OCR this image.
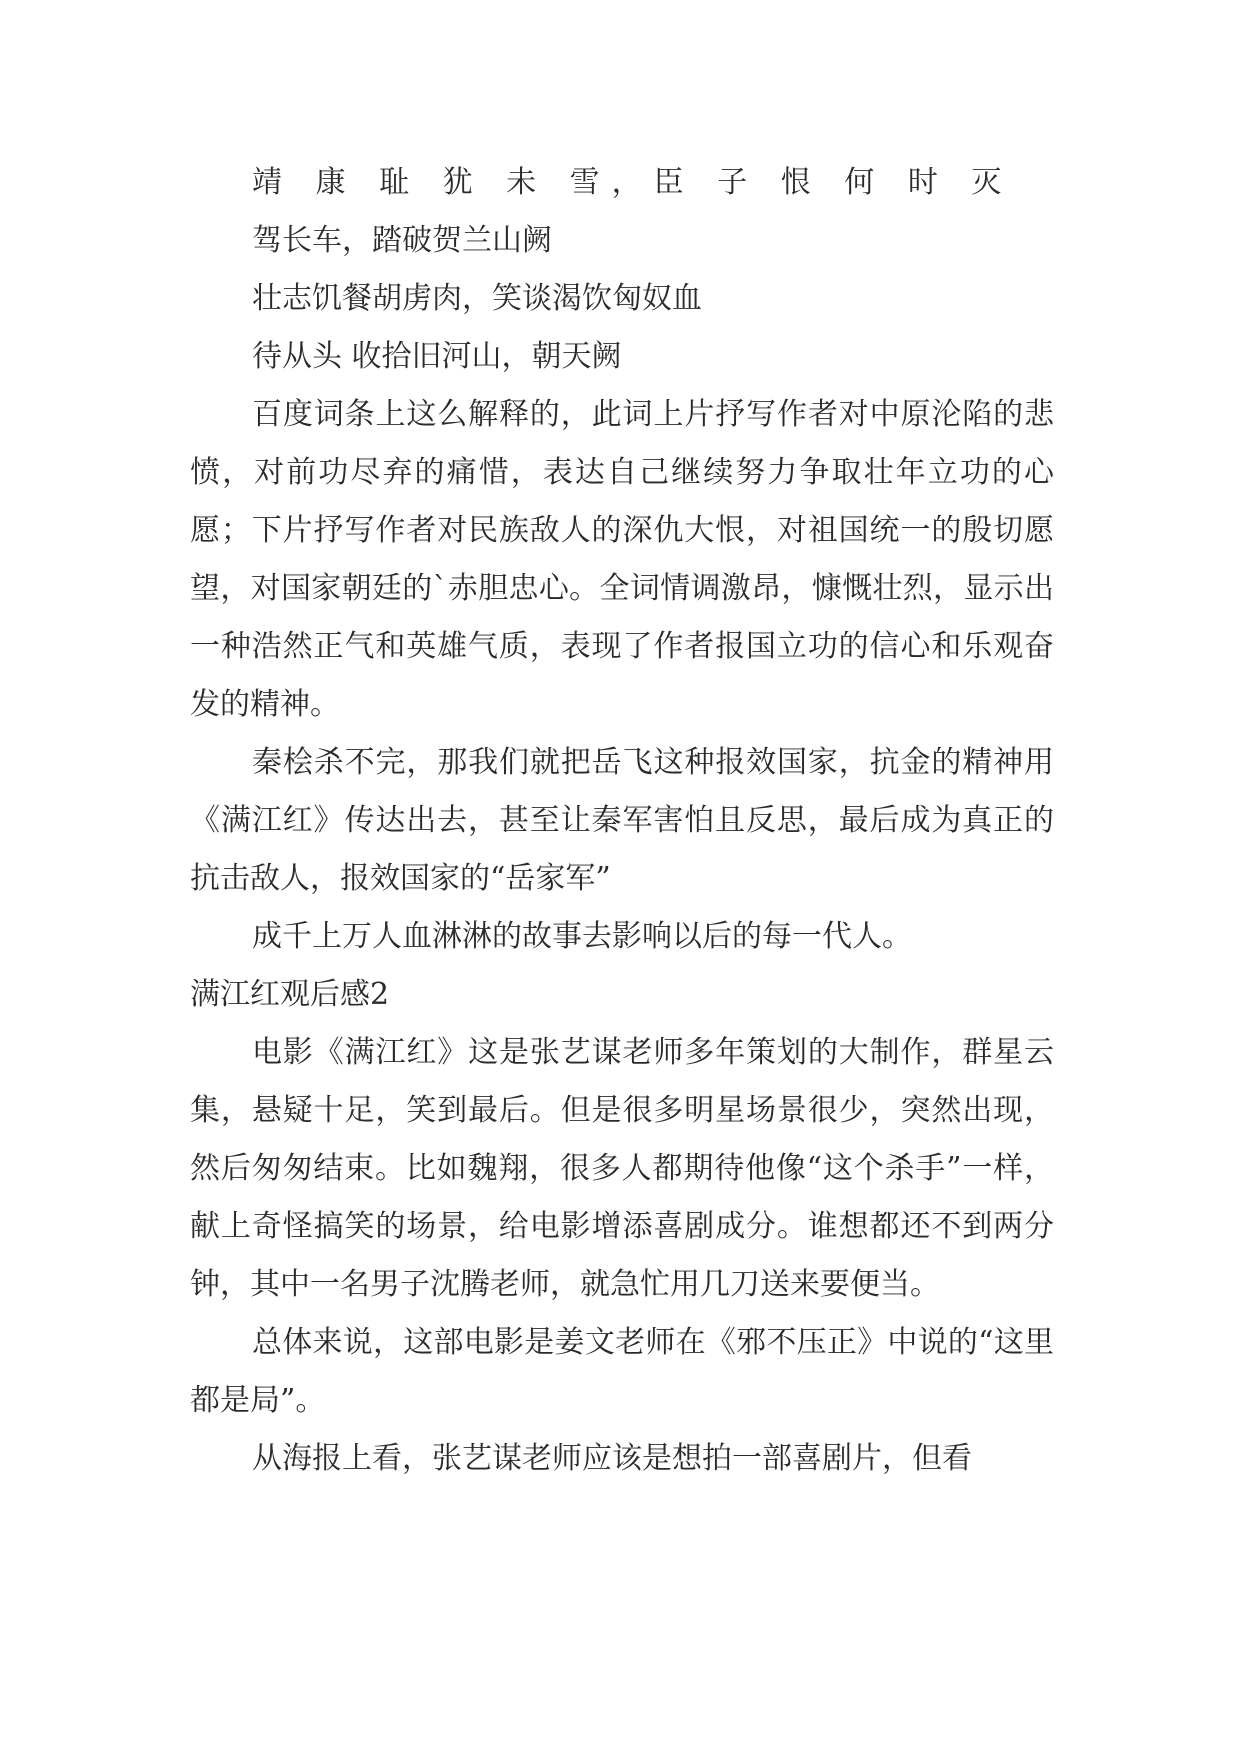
靖 康 耻 犹 未 雪，臣 子 恨 何 时 灭

驾长车，踏破贺兰山阙

壮志饥餐胡虏肉，笑谈渴饮匈奴血

待从头 收拾旧河山，朝天阙

百度词条上这么解释的，此词上片抒写作者对中原沦陷的悲愤，对前功尽弃的痛惜，表达自己继续努力争取壮年立功的心愿；下片抒写作者对民族敌人的深仇大恨，对祖国统一的殷切愿望，对国家朝廷的`赤胆忠心。全词情调激昂，慷慨壮烈，显示出一种浩然正气和英雄气质，表现了作者报国立功的信心和乐观奋发的精神。

秦桧杀不完，那我们就把岳飞这种报效国家，抗金的精神用《满江红》传达出去，甚至让秦军害怕且反思，最后成为真正的抗击敌人，报效国家的“岳家军”

成千上万人血淋淋的故事去影响以后的每一代人。

满江红观后感2

电影《满江红》这是张艺谋老师多年策划的大制作，群星云集，悬疑十足，笑到最后。但是很多明星场景很少，突然出现，然后匆匆结束。比如魏翔，很多人都期待他像“这个杀手”一样，献上奇怪搞笑的场景，给电影增添喜剧成分。谁想都还不到两分钟，其中一名男子沈腾老师，就急忙用几刀送来要便当。

总体来说，这部电影是姜文老师在《邪不压正》中说的“这里都是局”。

从海报上看，张艺谋老师应该是想拍一部喜剧片，但看
